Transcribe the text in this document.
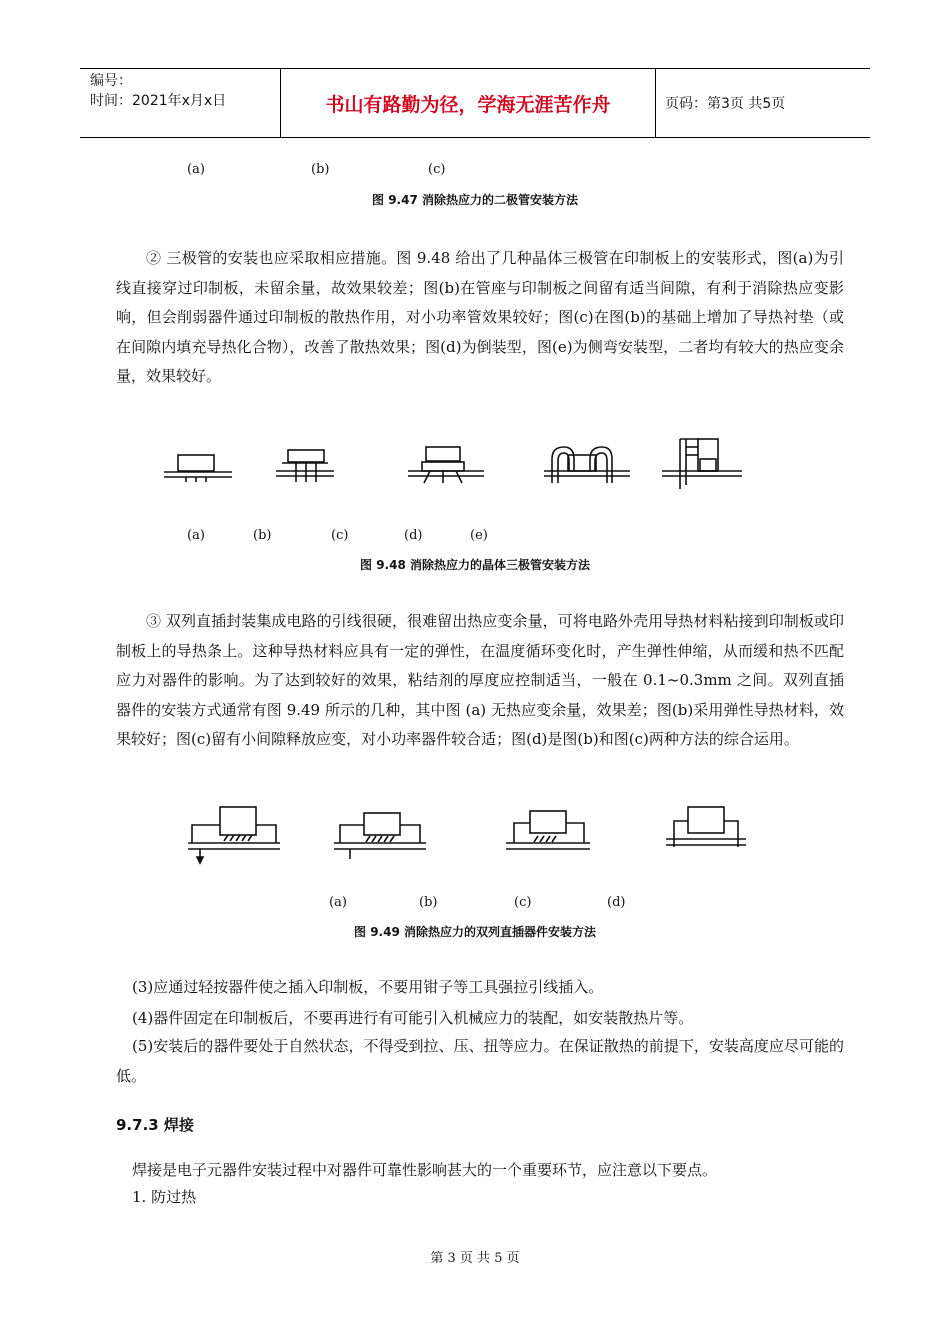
编号：
时间：2021年x月x日	书山有路勤为径，学海无涯苦作舟	页码：第3页 共5页
(a)	(b)	(c)
图 9.47 消除热应力的二极管安装方法
② 三极管的安装也应采取相应措施。图 9.48 给出了几种晶体三极管在印制板上的安装形式，图(a)为引线直接穿过印制板，未留余量，故效果较差；图(b)在管座与印制板之间留有适当间隙，有利于消除热应变影响，但会削弱器件通过印制板的散热作用，对小功率管效果较好；图(c)在图(b)的基础上增加了导热衬垫（或在间隙内填充导热化合物），改善了散热效果；图(d)为倒装型，图(e)为侧弯安装型，二者均有较大的热应变余量，效果较好。
(a)	(b)	(c)	(d)	(e)
图 9.48 消除热应力的晶体三极管安装方法
③ 双列直插封装集成电路的引线很硬，很难留出热应变余量，可将电路外壳用导热材料粘接到印制板或印制板上的导热条上。这种导热材料应具有一定的弹性，在温度循环变化时，产生弹性伸缩，从而缓和热不匹配应力对器件的影响。为了达到较好的效果，粘结剂的厚度应控制适当，一般在 0.1~0.3mm 之间。双列直插器件的安装方式通常有图 9.49 所示的几种，其中图 (a) 无热应变余量，效果差；图(b)采用弹性导热材料，效果较好；图(c)留有小间隙释放应变，对小功率器件较合适；图(d)是图(b)和图(c)两种方法的综合运用。
(a)	(b)	(c)	(d)
图 9.49 消除热应力的双列直插器件安装方法
(3)应通过轻按器件使之插入印制板，不要用钳子等工具强拉引线插入。
(4)器件固定在印制板后，不要再进行有可能引入机械应力的装配，如安装散热片等。
(5)安装后的器件要处于自然状态，不得受到拉、压、扭等应力。在保证散热的前提下，安装高度应尽可能的低。
9.7.3 焊接
焊接是电子元器件安装过程中对器件可靠性影响甚大的一个重要环节，应注意以下要点。
1. 防过热
第 3 页 共 5 页
